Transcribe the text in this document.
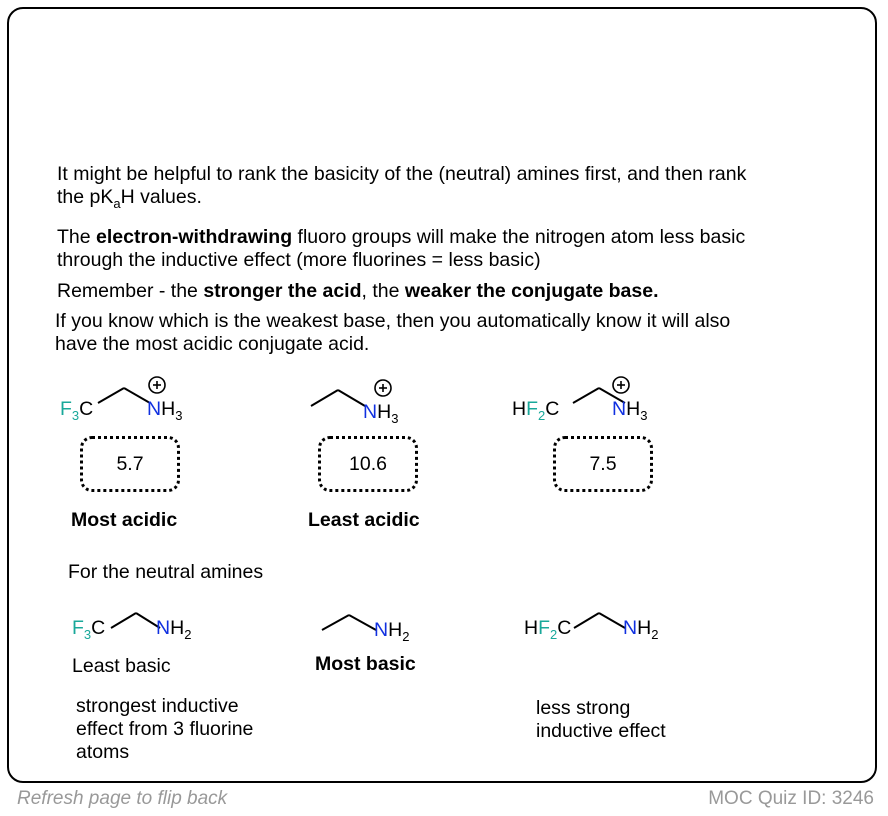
It might be helpful to rank the basicity of the (neutral) amines first, and then rank
the $pK_aH$ values.

The electron-withdrawing fluoro groups will make the nitrogen atom less basic
through the inductive effect (more fluorines = less basic)

Remember - the stronger the acid, the weaker the conjugate base.

If you know which is the weakest base, then you automatically know it will also
have the most acidic conjugate acid.

$F_3C$	$NH_3$	$NH_3$	$HF_2C$	$NH_3$
5.7	10.6	7.5
Most acidic	Least acidic
For the neutral amines
$F_3C$	$NH_2$	$NH_2$	$HF_2C$	$NH_2$
Least basic	Most basic
strongest inductive
effect from 3 fluorine
atoms
less strong
inductive effect
Refresh page to flip back	MOC Quiz ID: 3246
